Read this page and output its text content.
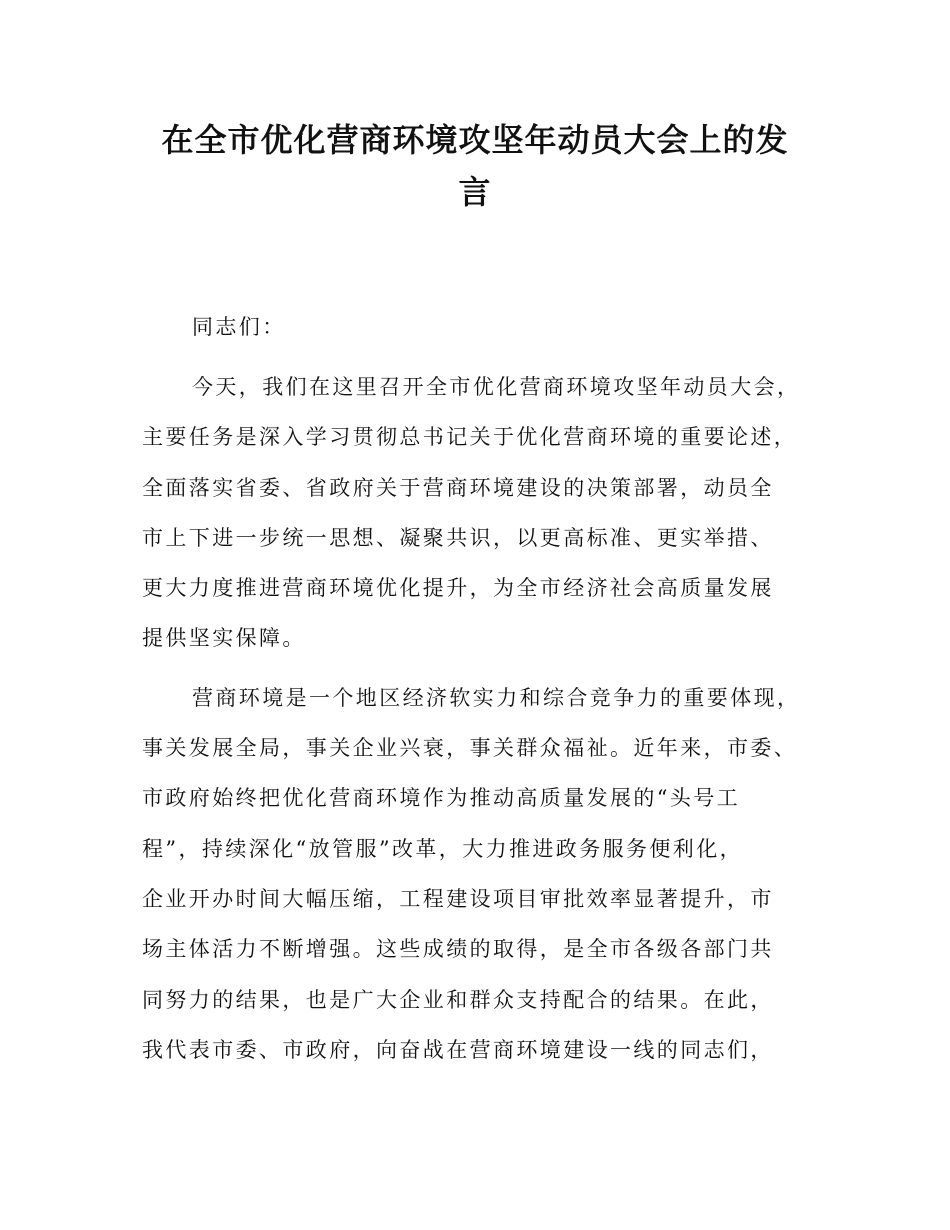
在全市优化营商环境攻坚年动员大会上的发
言
同志们：
今天，我们在这里召开全市优化营商环境攻坚年动员大会，
主要任务是深入学习贯彻总书记关于优化营商环境的重要论述，
全面落实省委、省政府关于营商环境建设的决策部署，动员全
市上下进一步统一思想、凝聚共识，以更高标准、更实举措、
更大力度推进营商环境优化提升，为全市经济社会高质量发展
提供坚实保障。
营商环境是一个地区经济软实力和综合竞争力的重要体现，
事关发展全局，事关企业兴衰，事关群众福祉。近年来，市委、
市政府始终把优化营商环境作为推动高质量发展的“头号工
程”，持续深化“放管服”改革，大力推进政务服务便利化，
企业开办时间大幅压缩，工程建设项目审批效率显著提升，市
场主体活力不断增强。这些成绩的取得，是全市各级各部门共
同努力的结果，也是广大企业和群众支持配合的结果。在此，
我代表市委、市政府，向奋战在营商环境建设一线的同志们，
